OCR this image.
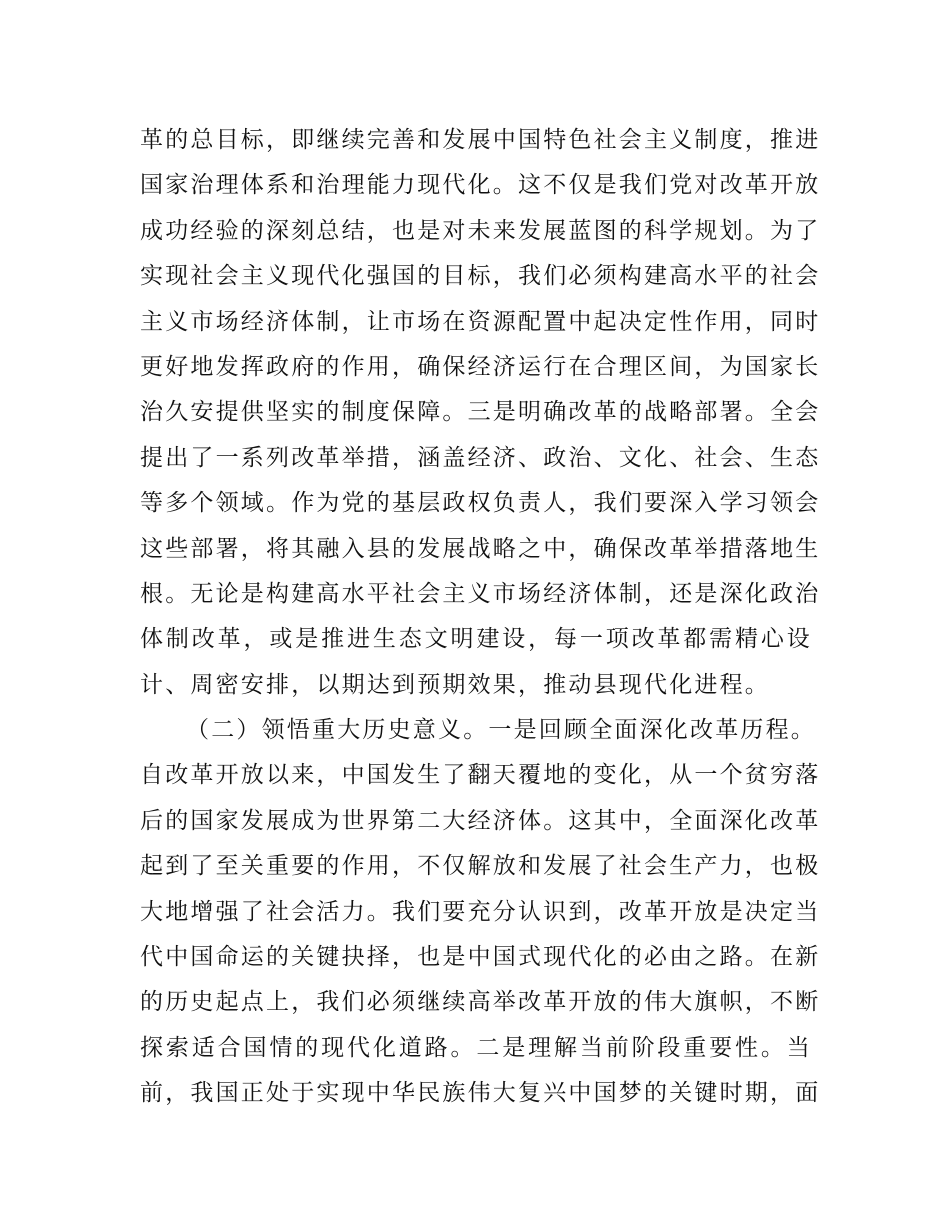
革的总目标，即继续完善和发展中国特色社会主义制度，推进
国家治理体系和治理能力现代化。这不仅是我们党对改革开放
成功经验的深刻总结，也是对未来发展蓝图的科学规划。为了
实现社会主义现代化强国的目标，我们必须构建高水平的社会
主义市场经济体制，让市场在资源配置中起决定性作用，同时
更好地发挥政府的作用，确保经济运行在合理区间，为国家长
治久安提供坚实的制度保障。三是明确改革的战略部署。全会
提出了一系列改革举措，涵盖经济、政治、文化、社会、生态
等多个领域。作为党的基层政权负责人，我们要深入学习领会
这些部署，将其融入县的发展战略之中，确保改革举措落地生
根。无论是构建高水平社会主义市场经济体制，还是深化政治
体制改革，或是推进生态文明建设，每一项改革都需精心设
计、周密安排，以期达到预期效果，推动县现代化进程。
（二）领悟重大历史意义。一是回顾全面深化改革历程。
自改革开放以来，中国发生了翻天覆地的变化，从一个贫穷落
后的国家发展成为世界第二大经济体。这其中，全面深化改革
起到了至关重要的作用，不仅解放和发展了社会生产力，也极
大地增强了社会活力。我们要充分认识到，改革开放是决定当
代中国命运的关键抉择，也是中国式现代化的必由之路。在新
的历史起点上，我们必须继续高举改革开放的伟大旗帜，不断
探索适合国情的现代化道路。二是理解当前阶段重要性。当
前，我国正处于实现中华民族伟大复兴中国梦的关键时期，面
